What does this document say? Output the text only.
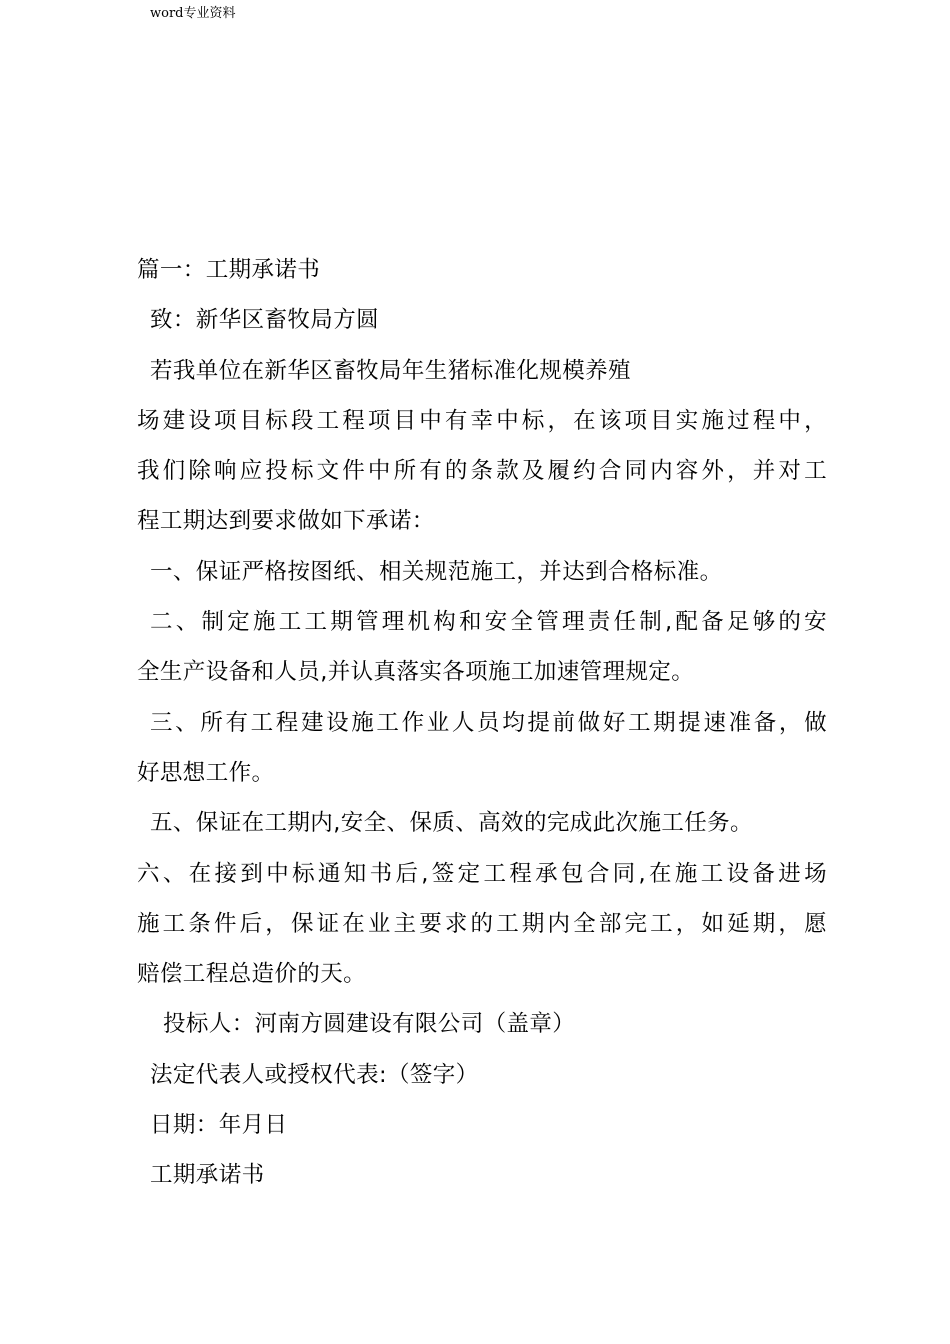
word专业资料
篇一：工期承诺书
致：新华区畜牧局方圆
若我单位在新华区畜牧局年生猪标准化规模养殖
场建设项目标段工程项目中有幸中标，在该项目实施过程中，
我们除响应投标文件中所有的条款及履约合同内容外，并对工
程工期达到要求做如下承诺：
一、保证严格按图纸、相关规范施工，并达到合格标准。
二、制定施工工期管理机构和安全管理责任制,配备足够的安
全生产设备和人员,并认真落实各项施工加速管理规定。
三、所有工程建设施工作业人员均提前做好工期提速准备，做
好思想工作。
五、保证在工期内,安全、保质、高效的完成此次施工任务。
六、在接到中标通知书后,签定工程承包合同,在施工设备进场
施工条件后，保证在业主要求的工期内全部完工，如延期，愿
赔偿工程总造价的天。
投标人：河南方圆建设有限公司（盖章）
法定代表人或授权代表:（签字）
日期：年月日
工期承诺书
